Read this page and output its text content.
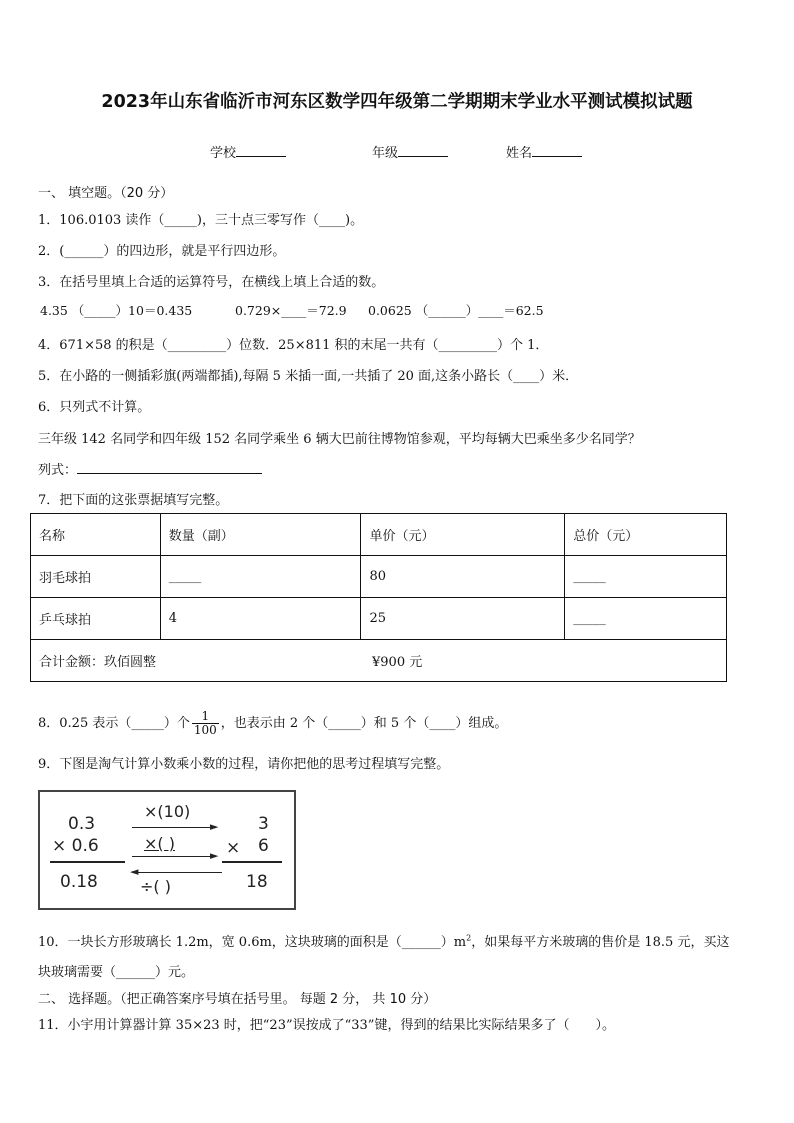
2023年山东省临沂市河东区数学四年级第二学期期末学业水平测试模拟试题
学校	年级	姓名
一、 填空题。（20 分）
1．106.0103 读作（_____)，三十点三零写作（____)。
2．(______）的四边形，就是平行四边形。
3．在括号里填上合适的运算符号，在横线上填上合适的数。
4.35 （_____）10＝0.435	0.729×____＝72.9 0.0625 （______）____＝62.5
4．671×58 的积是（_________）位数．25×811 积的末尾一共有（_________）个 1．
5．在小路的一侧插彩旗(两端都插),每隔 5 米插一面,一共插了 20 面,这条小路长（____）米．
6．只列式不计算。
三年级 142 名同学和四年级 152 名同学乘坐 6 辆大巴前往博物馆参观，平均每辆大巴乘坐多少名同学？
列式：
7．把下面的这张票据填写完整。
名称	数量（副）	单价（元）	总价（元）
羽毛球拍	_____	80	_____
乒乓球拍	4	25	_____
合计金额：玖佰圆整 ¥900 元			
8．0.25 表示（_____）个 $\frac{1}{100}$ ，也表示由 2 个（_____）和 5 个（____）组成。
9．下图是淘气计算小数乘小数的过程，请你把他的思考过程填写完整。
0.3
× 0.6
0.18
×(10)
►
×( )
►
◄
÷( )
3
× 6
18
10．一块长方形玻璃长 1.2m，宽 0.6m，这块玻璃的面积是$(\_\_\_\_\_\_)m^2$，如果每平方米玻璃的售价是 18.5 元，买这
块玻璃需要（______）元。
二、 选择题。（把正确答案序号填在括号里。 每题 2 分， 共 10 分）
11．小宇用计算器计算 35×23 时，把“23”误按成了“33”键，得到的结果比实际结果多了（　　）。
